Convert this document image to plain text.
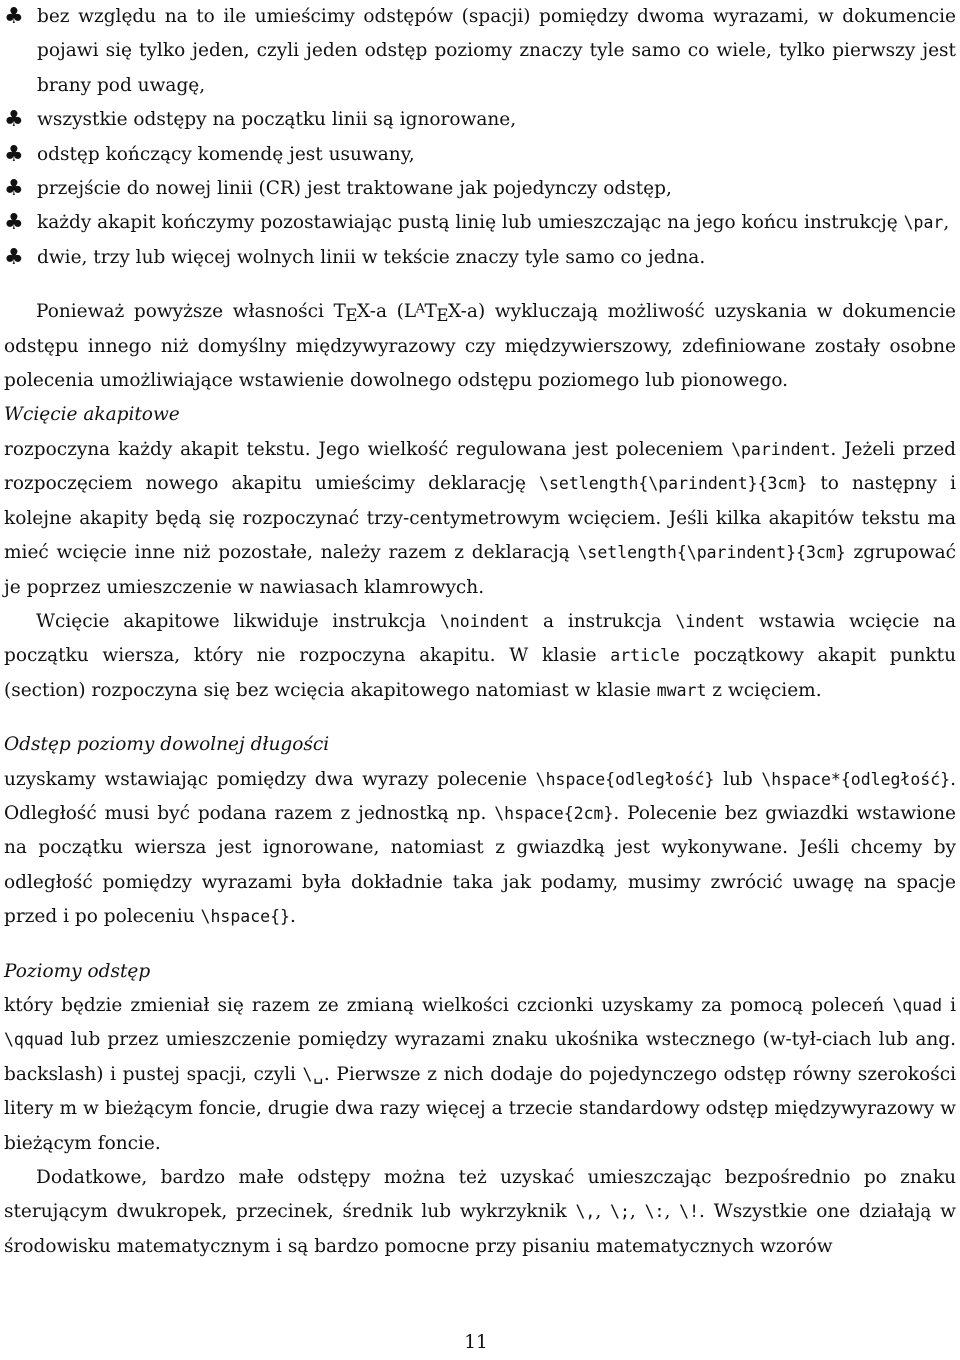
♣ bez względu na to ile umieścimy odstępów (spacji) pomiędzy dwoma wyrazami, w dokumencie pojawi się tylko jeden, czyli jeden odstęp poziomy znaczy tyle samo co wiele, tylko pierwszy jest brany pod uwagę,
♣ wszystkie odstępy na początku linii są ignorowane,
♣ odstęp kończący komendę jest usuwany,
♣ przejście do nowej linii (CR) jest traktowane jak pojedynczy odstęp,
♣ każdy akapit kończymy pozostawiając pustą linię lub umieszczając na jego końcu instrukcję \par,
♣ dwie, trzy lub więcej wolnych linii w tekście znaczy tyle samo co jedna.

Ponieważ powyższe własności $T_EX-a$ $(L^AT_EX-a)$ wykluczają możliwość uzyskania w dokumencie odstępu innego niż domyślny międzywyrazowy czy międzywierszowy, zdefiniowane zostały osobne polecenia umożliwiające wstawienie dowolnego odstępu poziomego lub pionowego.

Wcięcie akapitowe

rozpoczyna każdy akapit tekstu. Jego wielkość regulowana jest poleceniem \parindent. Jeżeli przed rozpoczęciem nowego akapitu umieścimy deklarację \setlength{\parindent}{3cm} to następny i kolejne akapity będą się rozpoczynać trzy-centymetrowym wcięciem. Jeśli kilka akapitów tekstu ma mieć wcięcie inne niż pozostałe, należy razem z deklaracją \setlength{\parindent}{3cm} zgrupować je poprzez umieszczenie w nawiasach klamrowych.

Wcięcie akapitowe likwiduje instrukcja \noindent a instrukcja \indent wstawia wcięcie na początku wiersza, który nie rozpoczyna akapitu. W klasie article początkowy akapit punktu (section) rozpoczyna się bez wcięcia akapitowego natomiast w klasie mwart z wcięciem.

Odstęp poziomy dowolnej długości

uzyskamy wstawiając pomiędzy dwa wyrazy polecenie \hspace{odległość} lub \hspace*{odległość}. Odległość musi być podana razem z jednostką np. \hspace{2cm}. Polecenie bez gwiazdki wstawione na początku wiersza jest ignorowane, natomiast z gwiazdką jest wykonywane. Jeśli chcemy by odległość pomiędzy wyrazami była dokładnie taka jak podamy, musimy zwrócić uwagę na spacje przed i po poleceniu \hspace{}.

Poziomy odstęp

który będzie zmieniał się razem ze zmianą wielkości czcionki uzyskamy za pomocą poleceń \quad i \qquad lub przez umieszczenie pomiędzy wyrazami znaku ukośnika wstecznego (w-tył-ciach lub ang. backslash) i pustej spacji, czyli \␣. Pierwsze z nich dodaje do pojedynczego odstęp równy szerokości litery m w bieżącym foncie, drugie dwa razy więcej a trzecie standardowy odstęp międzywyrazowy w bieżącym foncie.

Dodatkowe, bardzo małe odstępy można też uzyskać umieszczając bezpośrednio po znaku sterującym dwukropek, przecinek, średnik lub wykrzyknik \,, \;, \:, \!. Wszystkie one działają w środowisku matematycznym i są bardzo pomocne przy pisaniu matematycznych wzorów

11
